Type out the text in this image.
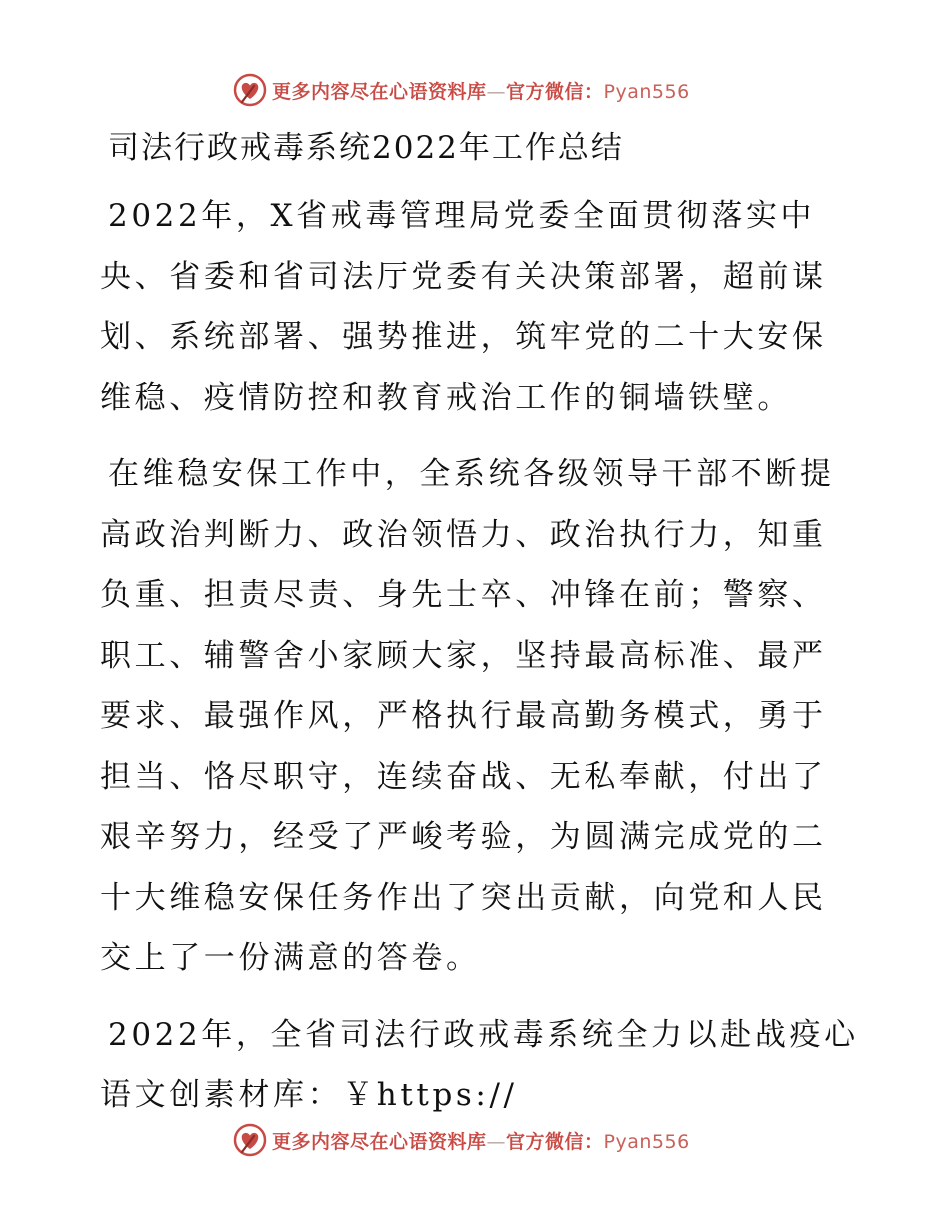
更多内容尽在心语资料库—官方微信：Pyan556
司法行政戒毒系统2022年工作总结

2022年，X省戒毒管理局党委全面贯彻落实中央、省委和省司法厅党委有关决策部署，超前谋划、系统部署、强势推进，筑牢党的二十大安保维稳、疫情防控和教育戒治工作的铜墙铁壁。

在维稳安保工作中，全系统各级领导干部不断提高政治判断力、政治领悟力、政治执行力，知重负重、担责尽责、身先士卒、冲锋在前；警察、职工、辅警舍小家顾大家，坚持最高标准、最严要求、最强作风，严格执行最高勤务模式，勇于担当、恪尽职守，连续奋战、无私奉献，付出了艰辛努力，经受了严峻考验，为圆满完成党的二十大维稳安保任务作出了突出贡献，向党和人民交上了一份满意的答卷。

2022年，全省司法行政戒毒系统全力以赴战疫心语文创素材库：￥https://

更多内容尽在心语资料库—官方微信：Pyan556
